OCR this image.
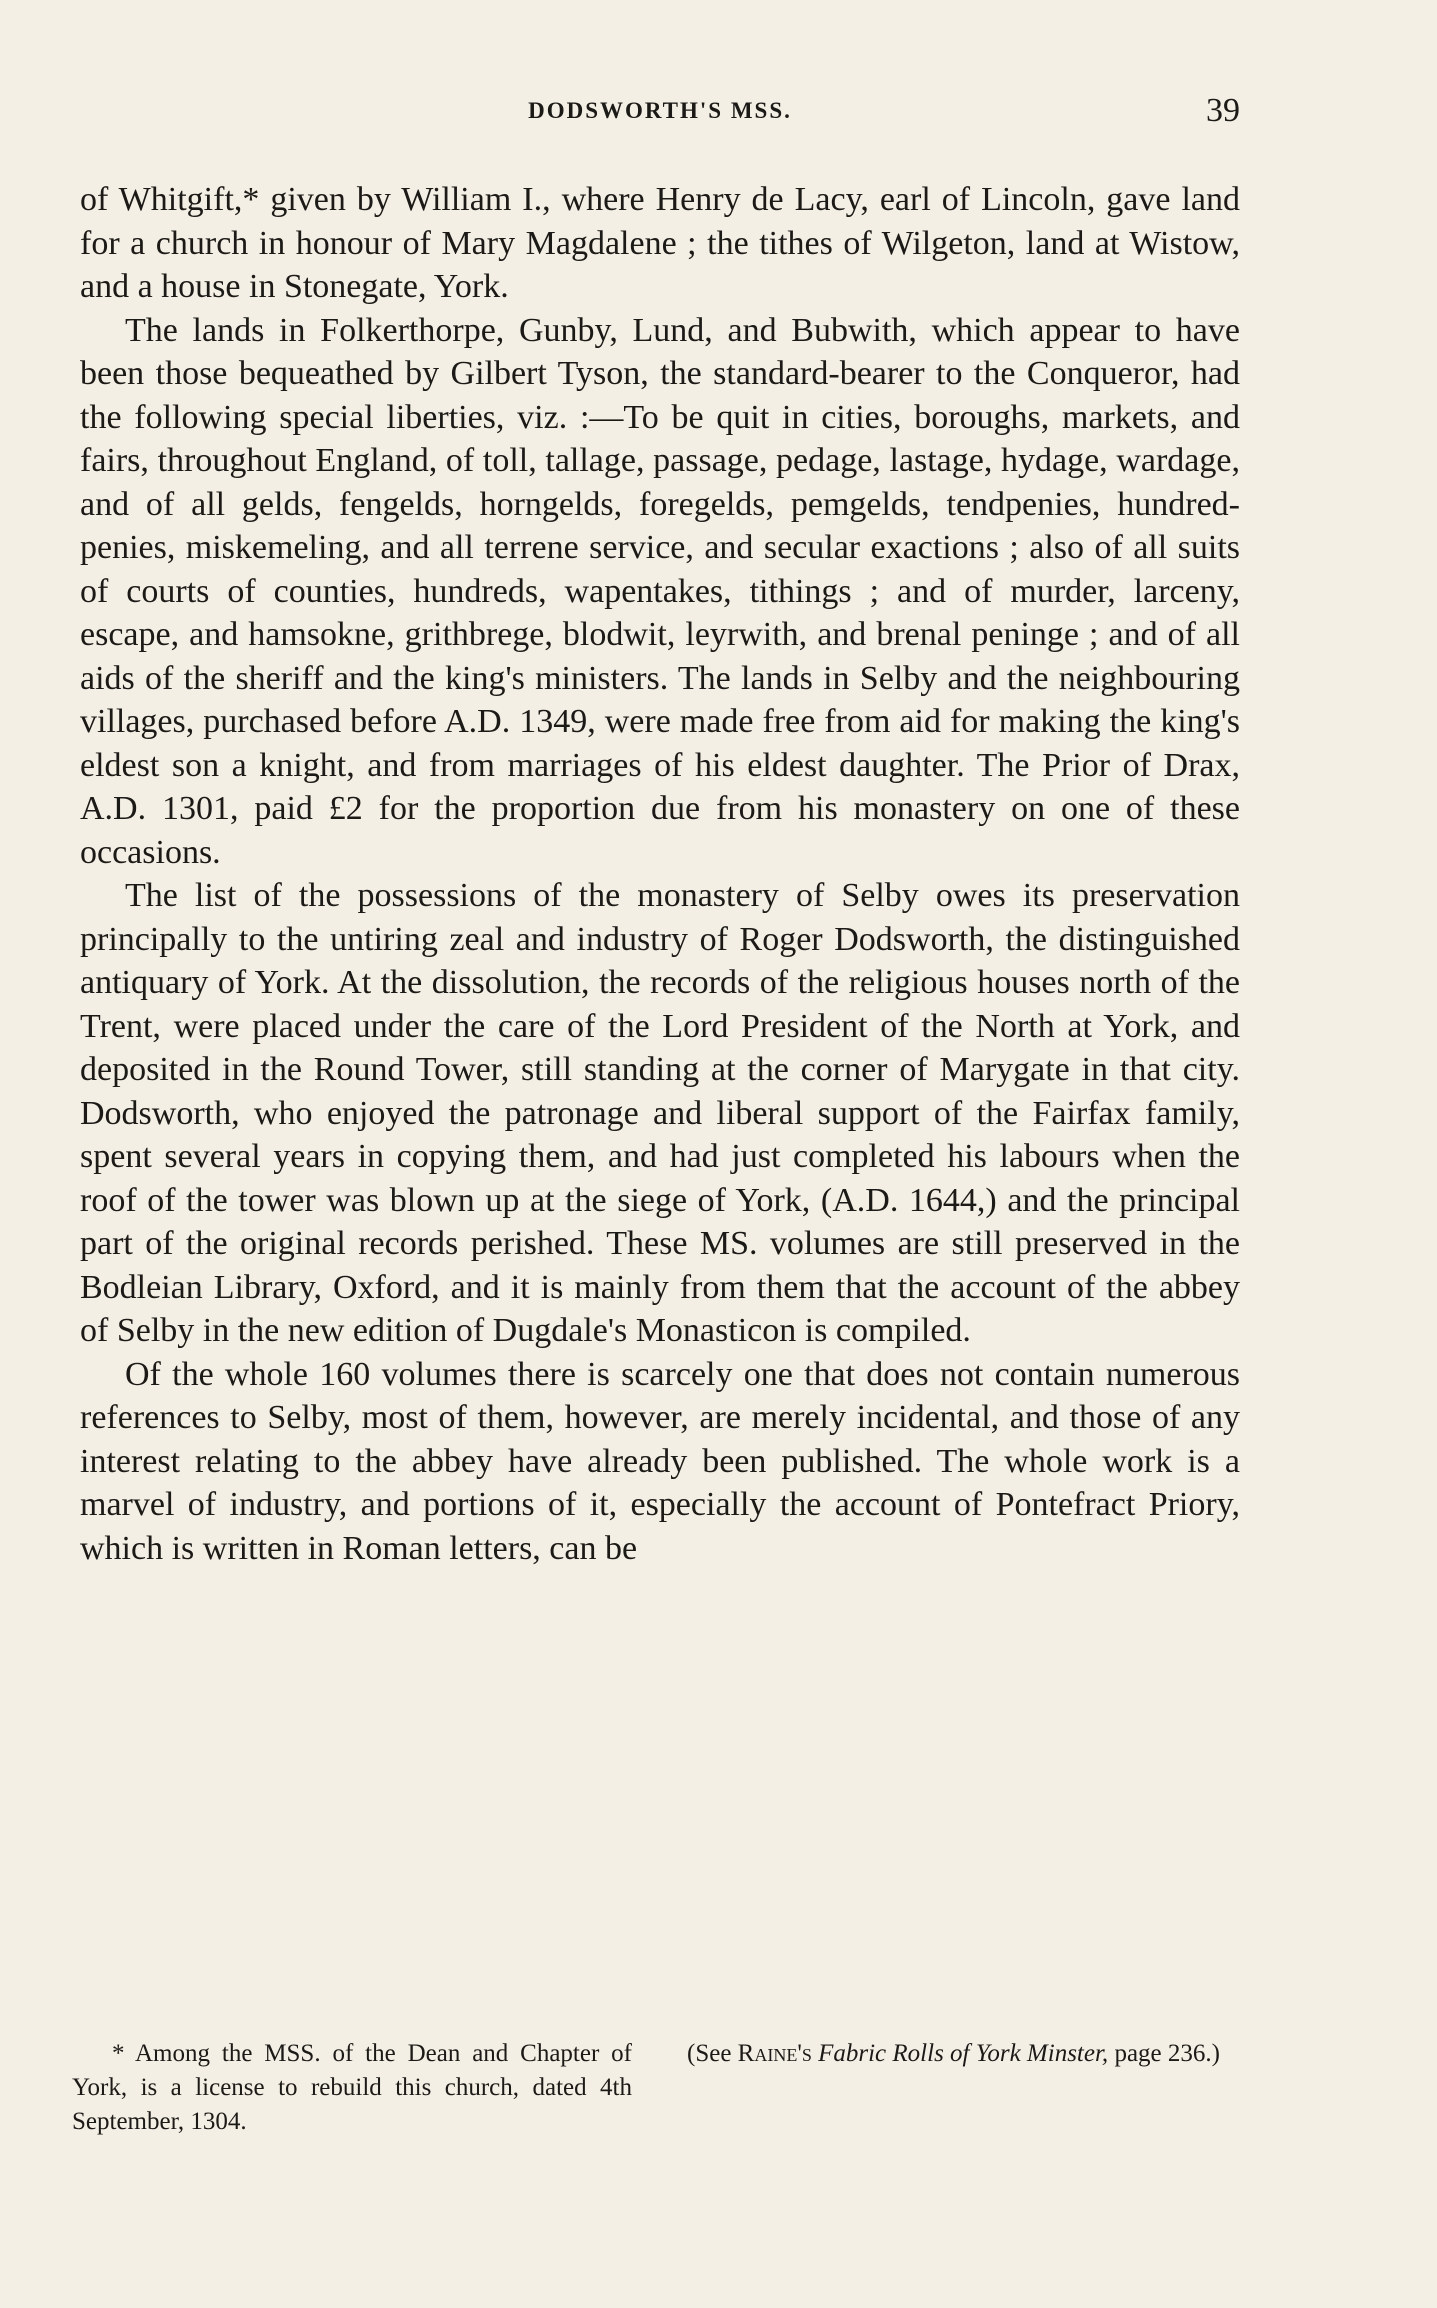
DODSWORTH'S MSS.	39

of Whitgift,* given by William I., where Henry de Lacy, earl of Lincoln, gave land for a church in honour of Mary Magdalene ; the tithes of Wilgeton, land at Wistow, and a house in Stonegate, York.

The lands in Folkerthorpe, Gunby, Lund, and Bubwith, which appear to have been those bequeathed by Gilbert Tyson, the standard-bearer to the Conqueror, had the following special liberties, viz. :—To be quit in cities, boroughs, markets, and fairs, throughout England, of toll, tallage, passage, pedage, lastage, hydage, wardage, and of all gelds, fengelds, horngelds, foregelds, pemgelds, tendpenies, hundred-penies, miskemeling, and all terrene service, and secular exactions ; also of all suits of courts of counties, hundreds, wapentakes, tithings ; and of murder, larceny, escape, and hamsokne, grithbrege, blodwit, leyrwith, and brenal peninge ; and of all aids of the sheriff and the king's ministers. The lands in Selby and the neighbouring villages, purchased before A.D. 1349, were made free from aid for making the king's eldest son a knight, and from marriages of his eldest daughter. The Prior of Drax, A.D. 1301, paid £2 for the proportion due from his monastery on one of these occasions.

The list of the possessions of the monastery of Selby owes its preservation principally to the untiring zeal and industry of Roger Dodsworth, the distinguished antiquary of York. At the dissolution, the records of the religious houses north of the Trent, were placed under the care of the Lord President of the North at York, and deposited in the Round Tower, still standing at the corner of Marygate in that city. Dodsworth, who enjoyed the patronage and liberal support of the Fairfax family, spent several years in copying them, and had just completed his labours when the roof of the tower was blown up at the siege of York, (A.D. 1644,) and the principal part of the original records perished. These MS. volumes are still preserved in the Bodleian Library, Oxford, and it is mainly from them that the account of the abbey of Selby in the new edition of Dugdale's Monasticon is compiled.

Of the whole 160 volumes there is scarcely one that does not contain numerous references to Selby, most of them, however, are merely incidental, and those of any interest relating to the abbey have already been published. The whole work is a marvel of industry, and portions of it, especially the account of Pontefract Priory, which is written in Roman letters, can be

* Among the MSS. of the Dean and Chapter of York, is a license to rebuild this church, dated 4th September, 1304.
(See Raine's Fabric Rolls of York Minster, page 236.)
